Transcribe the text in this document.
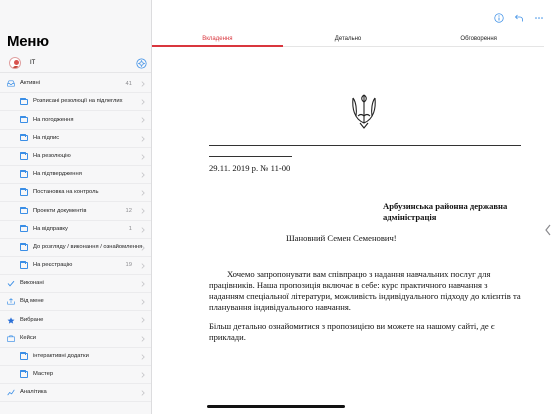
Меню
IT
Активні	41
Розписані резолюції на підлеглих
На погодження
На підпис
На резолюцію
На підтвердження
Постановка на контроль
Проекти документів	12
На відправку	1
До розгляду / виконання / ознайомлення
На реєстрацію	19
Виконані
Від мене
Вибране
Кейси
інтерактивні додатки
Мастер
Аналітика
Вкладення	Детально	Обговорення
29.11. 2019 р. № 11-00
Арбузинська районна державна адміністрація
Шановний Семен Семенович!
Хочемо запропонувати вам співпрацю з надання навчальних послуг для працівників. Наша пропозиція включає в себе: курс практичного навчання з наданням спеціальної літератури, можливість індивідуального підходу до клієнтів та планування індивідуального навчання.
Більш детально ознайомитися з пропозицією ви можете на нашому сайті, де є приклади.
